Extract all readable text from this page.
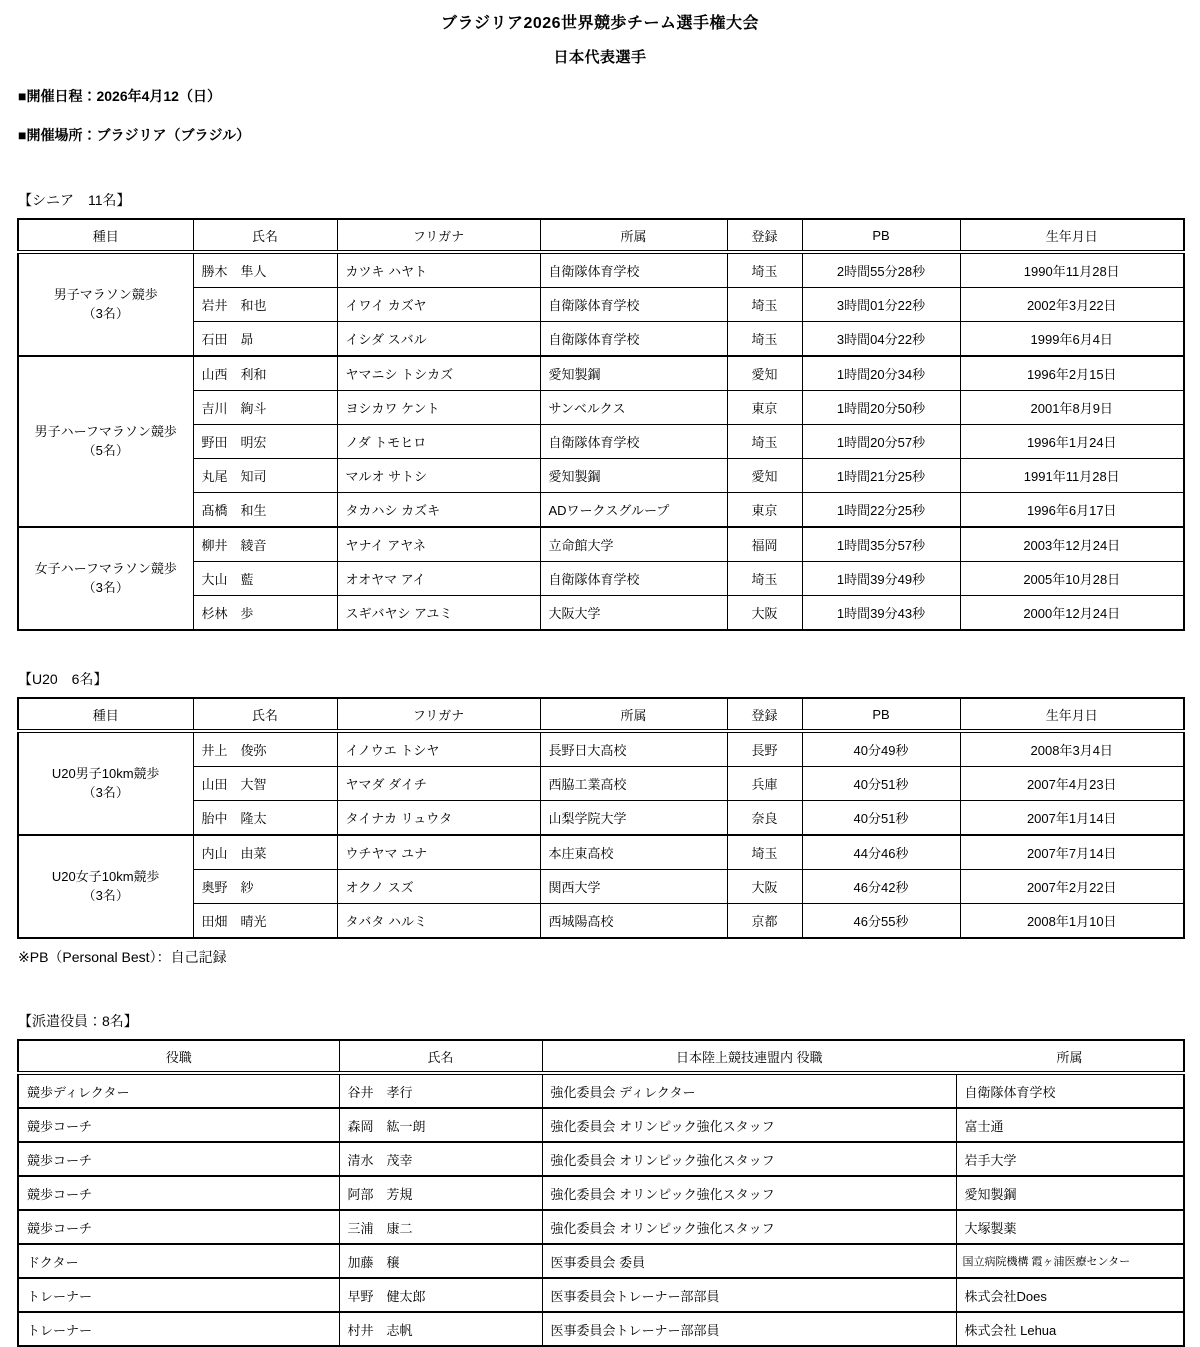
ブラジリア2026世界競歩チーム選手権大会
日本代表選手
■開催日程：2026年4月12（日）
■開催場所：ブラジリア（ブラジル）
【シニア　11名】
種目	氏名	フリガナ	所属	登録	PB	生年月日

男子マラソン競歩
（3名）	勝木　隼人	カツキ ハヤト	自衛隊体育学校	埼玉	2時間55分28秒	1990年11月28日
	岩井　和也	イワイ カズヤ	自衛隊体育学校	埼玉	3時間01分22秒	2002年3月22日
	石田　昴	イシダ スバル	自衛隊体育学校	埼玉	3時間04分22秒	1999年6月4日

男子ハーフマラソン競歩
（5名）	山西　利和	ヤマニシ トシカズ	愛知製鋼	愛知	1時間20分34秒	1996年2月15日
	吉川　絢斗	ヨシカワ ケント	サンベルクス	東京	1時間20分50秒	2001年8月9日
	野田　明宏	ノダ トモヒロ	自衛隊体育学校	埼玉	1時間20分57秒	1996年1月24日
	丸尾　知司	マルオ サトシ	愛知製鋼	愛知	1時間21分25秒	1991年11月28日
	髙橋　和生	タカハシ カズキ	ADワークスグループ	東京	1時間22分25秒	1996年6月17日

女子ハーフマラソン競歩
（3名）	柳井　綾音	ヤナイ アヤネ	立命館大学	福岡	1時間35分57秒	2003年12月24日
	大山　藍	オオヤマ アイ	自衛隊体育学校	埼玉	1時間39分49秒	2005年10月28日
	杉林　歩	スギバヤシ アユミ	大阪大学	大阪	1時間39分43秒	2000年12月24日
【U20　6名】
種目	氏名	フリガナ	所属	登録	PB	生年月日

U20男子10km競歩
（3名）	井上　俊弥	イノウエ トシヤ	長野日大高校	長野	40分49秒	2008年3月4日
	山田　大智	ヤマダ ダイチ	西脇工業高校	兵庫	40分51秒	2007年4月23日
	胎中　隆太	タイナカ リュウタ	山梨学院大学	奈良	40分51秒	2007年1月14日

U20女子10km競歩
（3名）	内山　由菜	ウチヤマ ユナ	本庄東高校	埼玉	44分46秒	2007年7月14日
	奥野　紗	オクノ スズ	関西大学	大阪	46分42秒	2007年2月22日
	田畑　晴光	タバタ ハルミ	西城陽高校	京都	46分55秒	2008年1月10日
※PB（Personal Best）：自己記録
【派遣役員：8名】
役職	氏名	日本陸上競技連盟内 役職	所属
競歩ディレクター	谷井　孝行	強化委員会 ディレクター	自衛隊体育学校
競歩コーチ	森岡　紘一朗	強化委員会 オリンピック強化スタッフ	富士通
競歩コーチ	清水　茂幸	強化委員会 オリンピック強化スタッフ	岩手大学
競歩コーチ	阿部　芳規	強化委員会 オリンピック強化スタッフ	愛知製鋼
競歩コーチ	三浦　康二	強化委員会 オリンピック強化スタッフ	大塚製薬
ドクター	加藤　穣	医事委員会 委員	国立病院機構 霞ヶ浦医療センター
トレーナー	早野　健太郎	医事委員会トレーナー部部員	株式会社Does
トレーナー	村井　志帆	医事委員会トレーナー部部員	株式会社 Lehua
